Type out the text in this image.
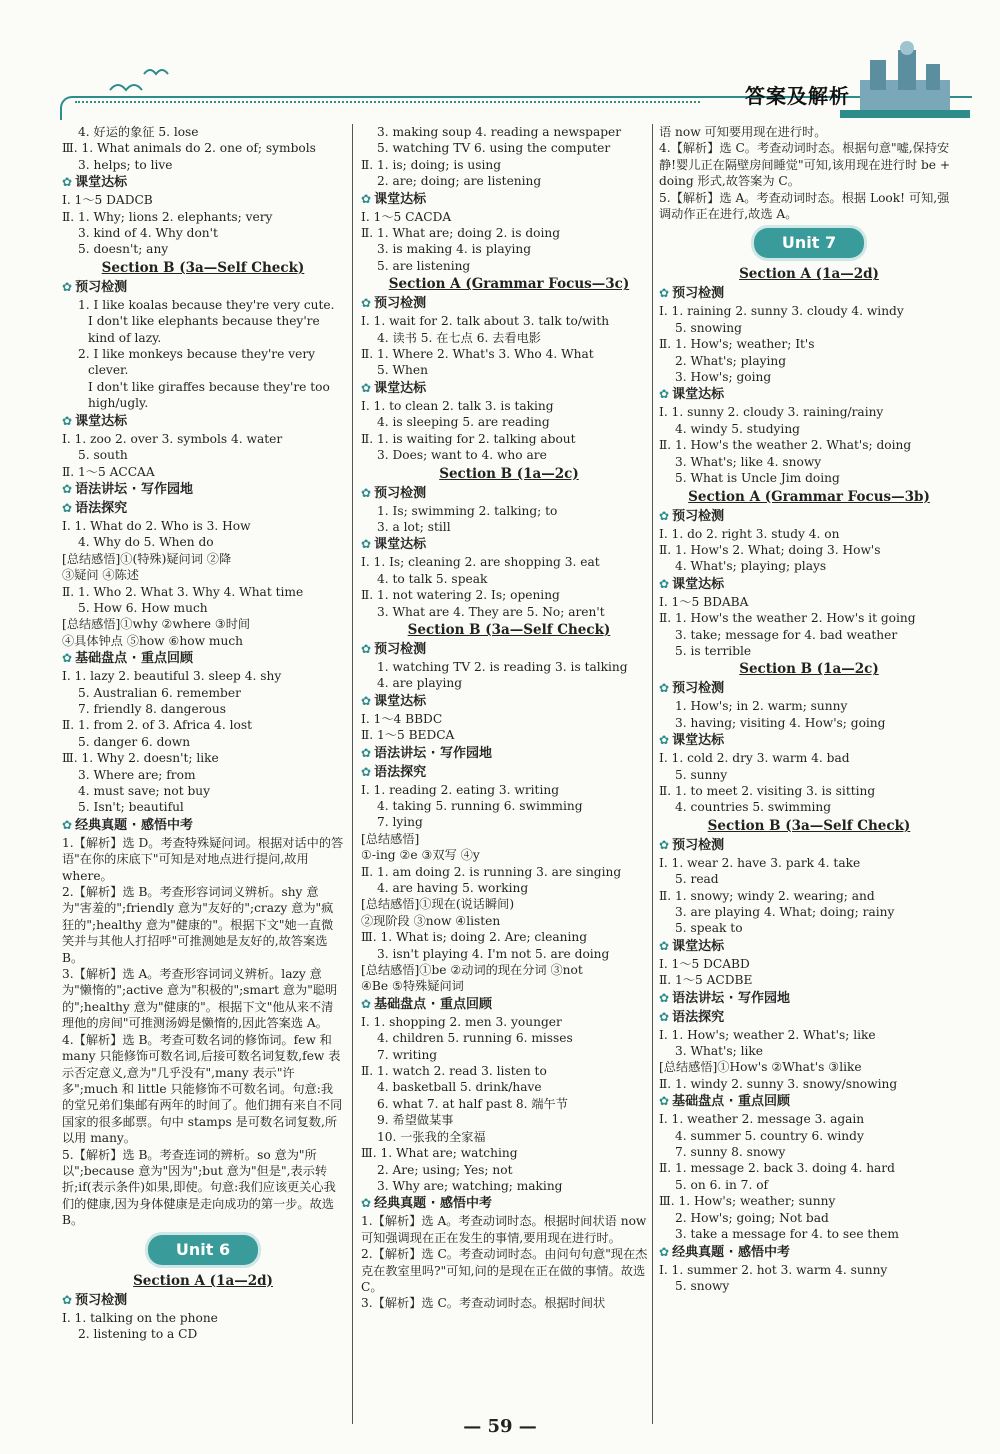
答案及解析
4. 好运的象征 5. lose
Ⅲ. 1. What animals do 2. one of; symbols
3. helps; to live
✿ 课堂达标
Ⅰ. 1～5 DADCB
Ⅱ. 1. Why; lions 2. elephants; very
3. kind of 4. Why don't
5. doesn't; any
Section B (3a—Self Check)
✿ 预习检测
1. I like koalas because they're very cute.
I don't like elephants because they're
kind of lazy.
2. I like monkeys because they're very
clever.
I don't like giraffes because they're too
high/ugly.
✿ 课堂达标
Ⅰ. 1. zoo 2. over 3. symbols 4. water
5. south
Ⅱ. 1～5 ACCAA
✿ 语法讲坛 · 写作园地
✿ 语法探究
Ⅰ. 1. What do 2. Who is 3. How
4. Why do 5. When do
[总结感悟]①(特殊)疑问词 ②降
③疑问 ④陈述
Ⅱ. 1. Who 2. What 3. Why 4. What time
5. How 6. How much
[总结感悟]①why ②where ③时间
④具体钟点 ⑤how ⑥how much
✿ 基础盘点 · 重点回顾
Ⅰ. 1. lazy 2. beautiful 3. sleep 4. shy
5. Australian 6. remember
7. friendly 8. dangerous
Ⅱ. 1. from 2. of 3. Africa 4. lost
5. danger 6. down
Ⅲ. 1. Why 2. doesn't; like
3. Where are; from
4. must save; not buy
5. Isn't; beautiful
✿ 经典真题 · 感悟中考
1.【解析】选 D。考查特殊疑问词。根据对话中的答语"在你的床底下"可知是对地点进行提问,故用 where。
2.【解析】选 B。考查形容词词义辨析。shy 意为"害羞的";friendly 意为"友好的";crazy 意为"疯狂的";healthy 意为"健康的"。根据下文"她一直微笑并与其他人打招呼"可推测她是友好的,故答案选 B。
3.【解析】选 A。考查形容词词义辨析。lazy 意为"懒惰的";active 意为"积极的";smart 意为"聪明的";healthy 意为"健康的"。根据下文"他从来不清理他的房间"可推测汤姆是懒惰的,因此答案选 A。
4.【解析】选 B。考查可数名词的修饰词。few 和 many 只能修饰可数名词,后接可数名词复数,few 表示否定意义,意为"几乎没有",many 表示"许多";much 和 little 只能修饰不可数名词。句意:我的堂兄弟们集邮有两年的时间了。他们拥有来自不同国家的很多邮票。句中 stamps 是可数名词复数,所以用 many。
5.【解析】选 B。考查连词的辨析。so 意为"所以";because 意为"因为";but 意为"但是",表示转折;if(表示条件)如果,即使。句意:我们应该更关心我们的健康,因为身体健康是走向成功的第一步。故选 B。
Unit 6
Section A (1a—2d)
✿ 预习检测
Ⅰ. 1. talking on the phone
2. listening to a CD
3. making soup 4. reading a newspaper
5. watching TV 6. using the computer
Ⅱ. 1. is; doing; is using
2. are; doing; are listening
✿ 课堂达标
Ⅰ. 1～5 CACDA
Ⅱ. 1. What are; doing 2. is doing
3. is making 4. is playing
5. are listening
Section A (Grammar Focus—3c)
✿ 预习检测
Ⅰ. 1. wait for 2. talk about 3. talk to/with
4. 读书 5. 在七点 6. 去看电影
Ⅱ. 1. Where 2. What's 3. Who 4. What
5. When
✿ 课堂达标
Ⅰ. 1. to clean 2. talk 3. is taking
4. is sleeping 5. are reading
Ⅱ. 1. is waiting for 2. talking about
3. Does; want to 4. who are
Section B (1a—2c)
✿ 预习检测
1. Is; swimming 2. talking; to
3. a lot; still
✿ 课堂达标
Ⅰ. 1. Is; cleaning 2. are shopping 3. eat
4. to talk 5. speak
Ⅱ. 1. not watering 2. Is; opening
3. What are 4. They are 5. No; aren't
Section B (3a—Self Check)
✿ 预习检测
1. watching TV 2. is reading 3. is talking
4. are playing
✿ 课堂达标
Ⅰ. 1～4 BBDC
Ⅱ. 1～5 BEDCA
✿ 语法讲坛 · 写作园地
✿ 语法探究
Ⅰ. 1. reading 2. eating 3. writing
4. taking 5. running 6. swimming
7. lying
[总结感悟]
①-ing ②e ③双写 ④y
Ⅱ. 1. am doing 2. is running 3. are singing
4. are having 5. working
[总结感悟]①现在(说话瞬间)
②现阶段 ③now ④listen
Ⅲ. 1. What is; doing 2. Are; cleaning
3. isn't playing 4. I'm not 5. are doing
[总结感悟]①be ②动词的现在分词 ③not
④Be ⑤特殊疑问词
✿ 基础盘点 · 重点回顾
Ⅰ. 1. shopping 2. men 3. younger
4. children 5. running 6. misses
7. writing
Ⅱ. 1. watch 2. read 3. listen to
4. basketball 5. drink/have
6. what 7. at half past 8. 端午节
9. 希望做某事
10. 一张我的全家福
Ⅲ. 1. What are; watching
2. Are; using; Yes; not
3. Why are; watching; making
✿ 经典真题 · 感悟中考
1.【解析】选 A。考查动词时态。根据时间状语 now 可知强调现在正在发生的事情,要用现在进行时。
2.【解析】选 C。考查动词时态。由问句句意"现在杰克在教室里吗?"可知,问的是现在正在做的事情。故选 C。
3.【解析】选 C。考查动词时态。根据时间状
语 now 可知要用现在进行时。
4.【解析】选 C。考查动词时态。根据句意"嘘,保持安静!婴儿正在隔壁房间睡觉"可知,该用现在进行时 be + doing 形式,故答案为 C。
5.【解析】选 A。考查动词时态。根据 Look! 可知,强调动作正在进行,故选 A。
Unit 7
Section A (1a—2d)
✿ 预习检测
Ⅰ. 1. raining 2. sunny 3. cloudy 4. windy
5. snowing
Ⅱ. 1. How's; weather; It's
2. What's; playing
3. How's; going
✿ 课堂达标
Ⅰ. 1. sunny 2. cloudy 3. raining/rainy
4. windy 5. studying
Ⅱ. 1. How's the weather 2. What's; doing
3. What's; like 4. snowy
5. What is Uncle Jim doing
Section A (Grammar Focus—3b)
✿ 预习检测
Ⅰ. 1. do 2. right 3. study 4. on
Ⅱ. 1. How's 2. What; doing 3. How's
4. What's; playing; plays
✿ 课堂达标
Ⅰ. 1～5 BDABA
Ⅱ. 1. How's the weather 2. How's it going
3. take; message for 4. bad weather
5. is terrible
Section B (1a—2c)
✿ 预习检测
1. How's; in 2. warm; sunny
3. having; visiting 4. How's; going
✿ 课堂达标
Ⅰ. 1. cold 2. dry 3. warm 4. bad
5. sunny
Ⅱ. 1. to meet 2. visiting 3. is sitting
4. countries 5. swimming
Section B (3a—Self Check)
✿ 预习检测
Ⅰ. 1. wear 2. have 3. park 4. take
5. read
Ⅱ. 1. snowy; windy 2. wearing; and
3. are playing 4. What; doing; rainy
5. speak to
✿ 课堂达标
Ⅰ. 1～5 DCABD
Ⅱ. 1～5 ACDBE
✿ 语法讲坛 · 写作园地
✿ 语法探究
Ⅰ. 1. How's; weather 2. What's; like
3. What's; like
[总结感悟]①How's ②What's ③like
Ⅱ. 1. windy 2. sunny 3. snowy/snowing
✿ 基础盘点 · 重点回顾
Ⅰ. 1. weather 2. message 3. again
4. summer 5. country 6. windy
7. sunny 8. snowy
Ⅱ. 1. message 2. back 3. doing 4. hard
5. on 6. in 7. of
Ⅲ. 1. How's; weather; sunny
2. How's; going; Not bad
3. take a message for 4. to see them
✿ 经典真题 · 感悟中考
Ⅰ. 1. summer 2. hot 3. warm 4. sunny
5. snowy
— 59 —
